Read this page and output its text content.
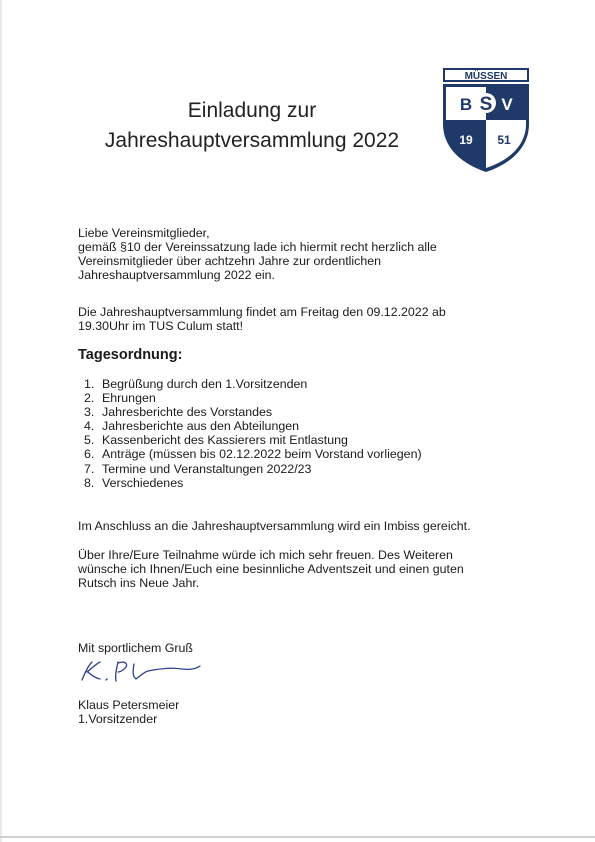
Einladung zur
Jahreshauptversammlung 2022
MÜSSEN
B S V
19 51

Liebe Vereinsmitglieder,

gemäß §10 der Vereinssatzung lade ich hiermit recht herzlich alle
Vereinsmitglieder über achtzehn Jahre zur ordentlichen
Jahreshauptversammlung 2022 ein.
Die Jahreshauptversammlung findet am Freitag den 09.12.2022 ab
19.30Uhr im TUS Culum statt!
Tagesordnung:
1. Begrüßung durch den 1.Vorsitzenden
2. Ehrungen
3. Jahresberichte des Vorstandes
4. Jahresberichte aus den Abteilungen
5. Kassenbericht des Kassierers mit Entlastung
6. Anträge (müssen bis 02.12.2022 beim Vorstand vorliegen)
7. Termine und Veranstaltungen 2022/23
8. Verschiedenes

Im Anschluss an die Jahreshauptversammlung wird ein Imbiss gereicht.

Über Ihre/Eure Teilnahme würde ich mich sehr freuen. Des Weiteren
wünsche ich Ihnen/Euch eine besinnliche Adventszeit und einen guten
Rutsch ins Neue Jahr.

Mit sportlichem Gruß

Klaus Petersmeier

1.Vorsitzender
